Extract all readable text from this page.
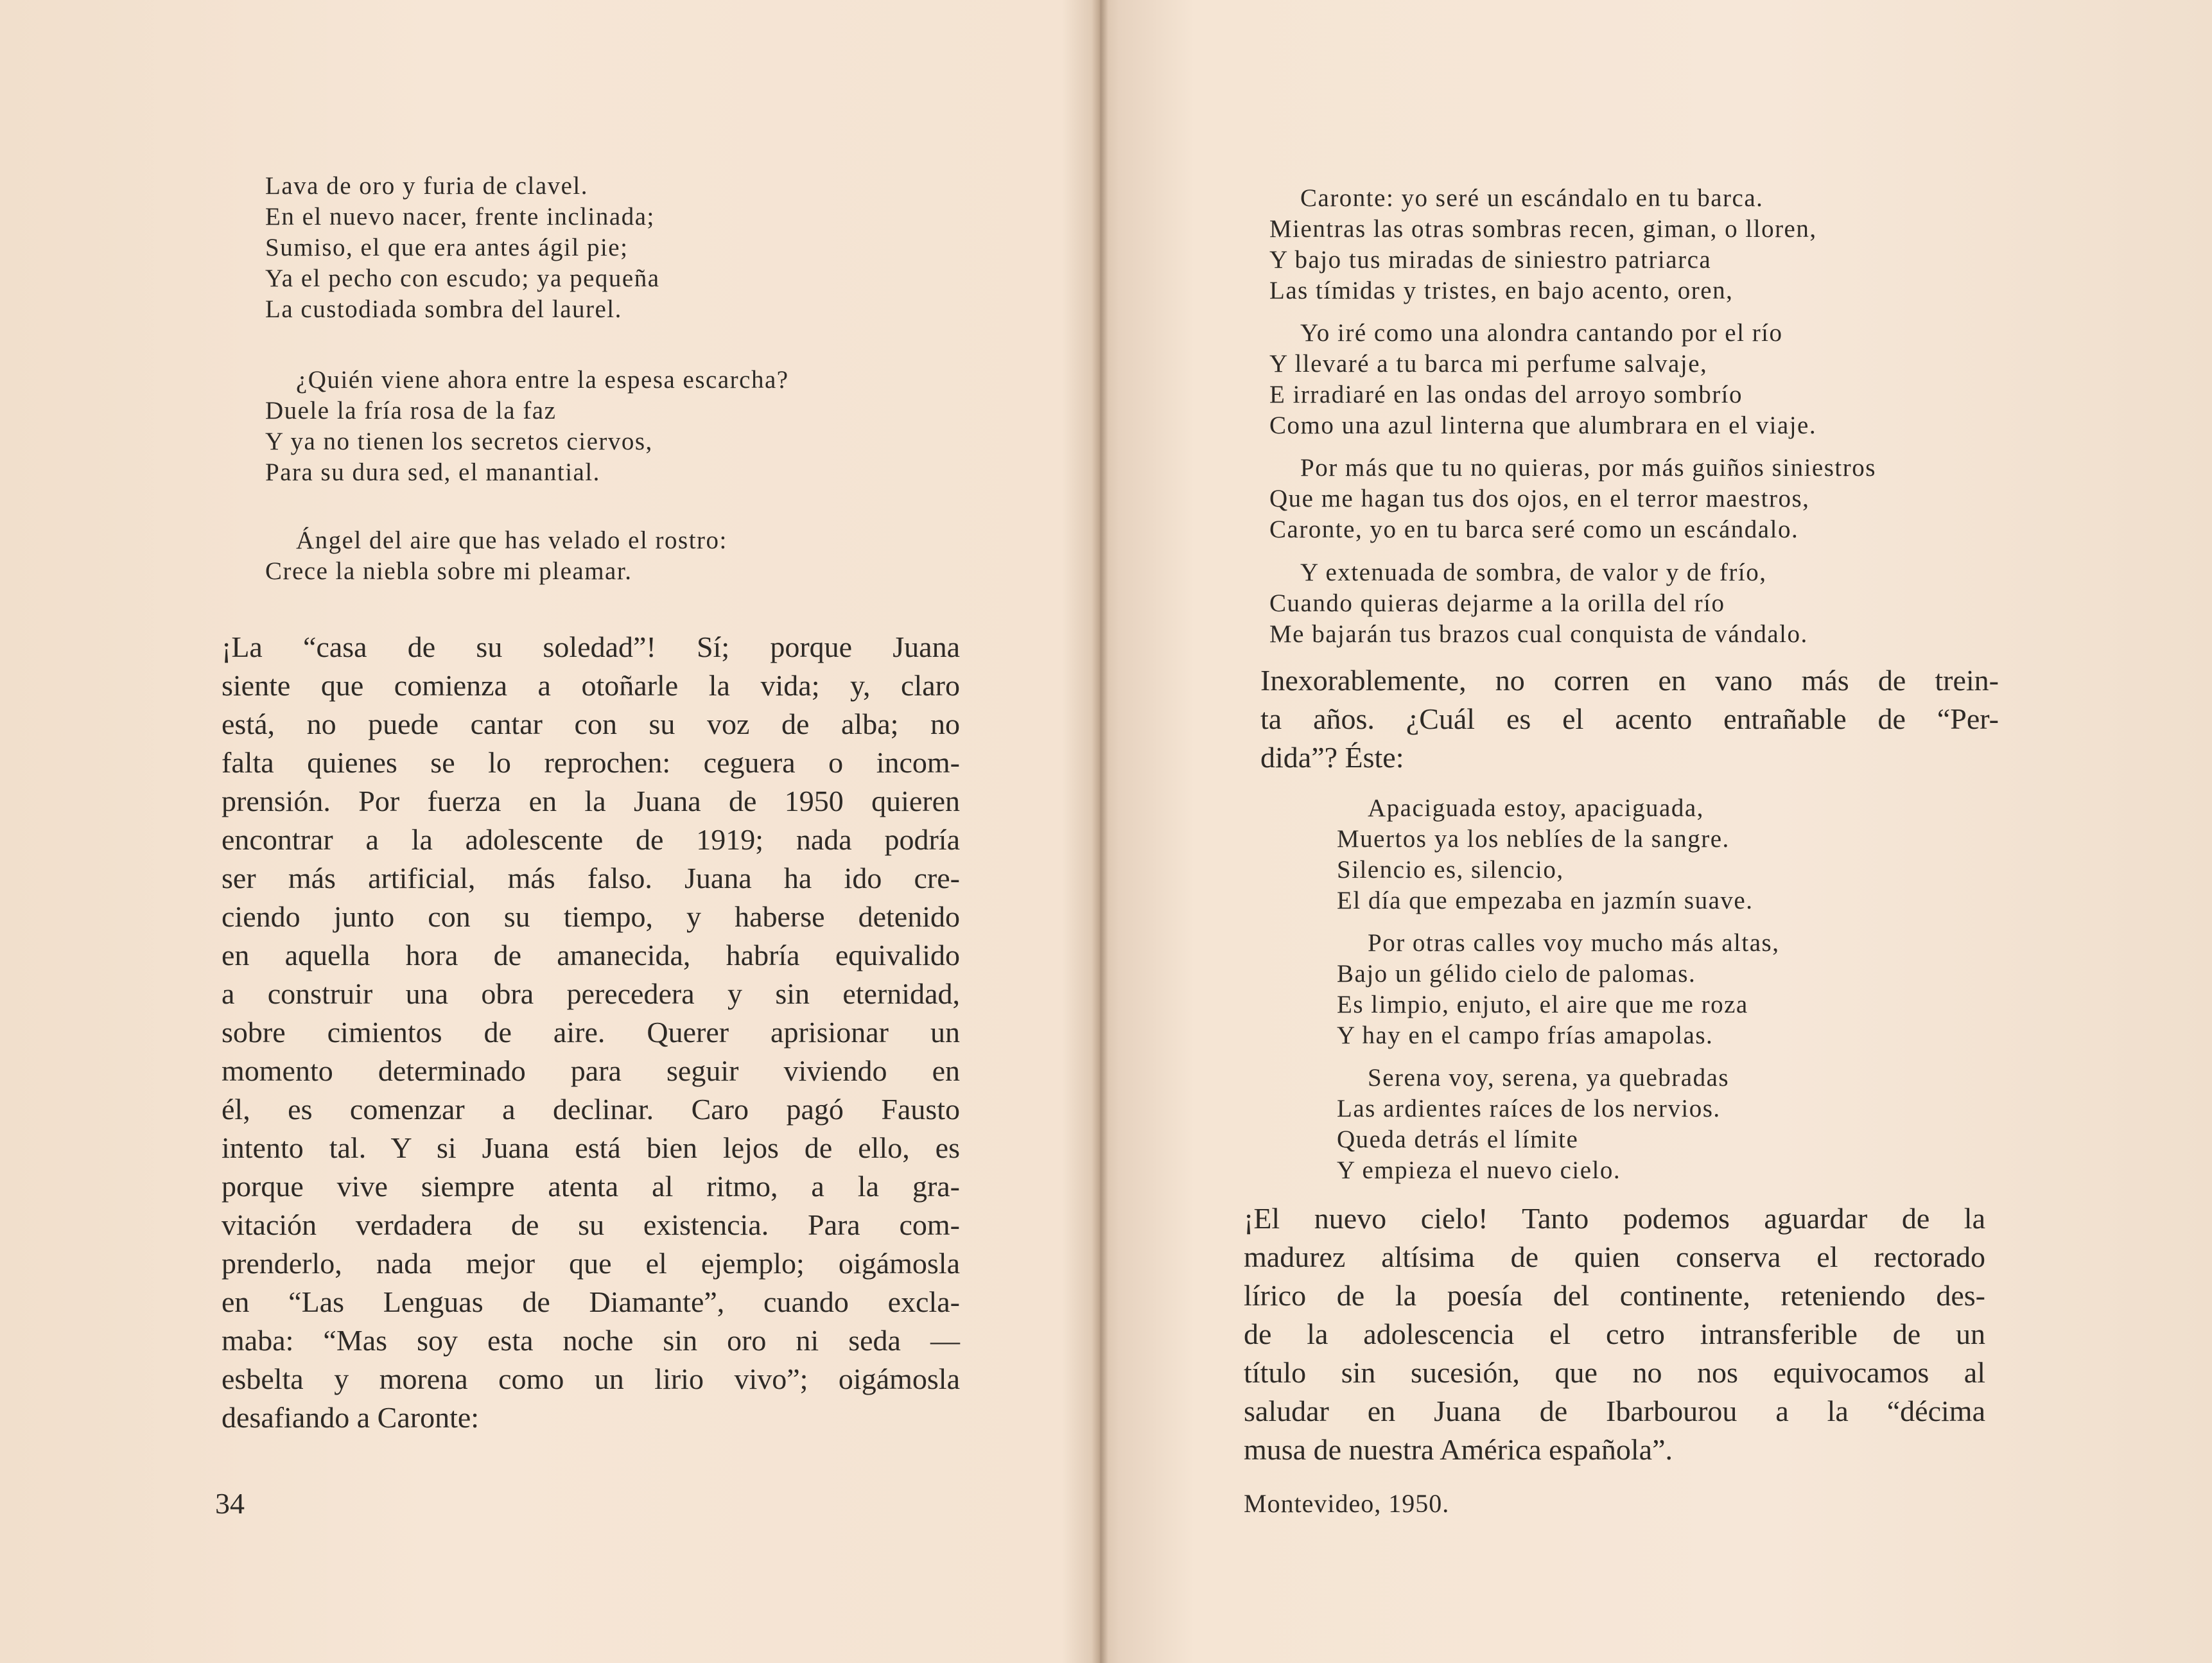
Lava de oro y furia de clavel.
En el nuevo nacer, frente inclinada;
Sumiso, el que era antes ágil pie;
Ya el pecho con escudo; ya pequeña
La custodiada sombra del laurel.
¿Quién viene ahora entre la espesa escarcha?
Duele la fría rosa de la faz
Y ya no tienen los secretos ciervos,
Para su dura sed, el manantial.
Ángel del aire que has velado el rostro:
Crece la niebla sobre mi pleamar.
¡La “casa de su soledad”! Sí; porque Juana
siente que comienza a otoñarle la vida; y, claro
está, no puede cantar con su voz de alba; no
falta quienes se lo reprochen: ceguera o incom-
prensión. Por fuerza en la Juana de 1950 quieren
encontrar a la adolescente de 1919; nada podría
ser más artificial, más falso. Juana ha ido cre-
ciendo junto con su tiempo, y haberse detenido
en aquella hora de amanecida, habría equivalido
a construir una obra perecedera y sin eternidad,
sobre cimientos de aire. Querer aprisionar un
momento determinado para seguir viviendo en
él, es comenzar a declinar. Caro pagó Fausto
intento tal. Y si Juana está bien lejos de ello, es
porque vive siempre atenta al ritmo, a la gra-
vitación verdadera de su existencia. Para com-
prenderlo, nada mejor que el ejemplo; oigámosla
en “Las Lenguas de Diamante”, cuando excla-
maba: “Mas soy esta noche sin oro ni seda —
esbelta y morena como un lirio vivo”; oigámosla
desafiando a Caronte:
34
Caronte: yo seré un escándalo en tu barca.
Mientras las otras sombras recen, giman, o lloren,
Y bajo tus miradas de siniestro patriarca
Las tímidas y tristes, en bajo acento, oren,
Yo iré como una alondra cantando por el río
Y llevaré a tu barca mi perfume salvaje,
E irradiaré en las ondas del arroyo sombrío
Como una azul linterna que alumbrara en el viaje.
Por más que tu no quieras, por más guiños siniestros
Que me hagan tus dos ojos, en el terror maestros,
Caronte, yo en tu barca seré como un escándalo.
Y extenuada de sombra, de valor y de frío,
Cuando quieras dejarme a la orilla del río
Me bajarán tus brazos cual conquista de vándalo.
Inexorablemente, no corren en vano más de trein-
ta años. ¿Cuál es el acento entrañable de “Per-
dida”? Éste:
Apaciguada estoy, apaciguada,
Muertos ya los neblíes de la sangre.
Silencio es, silencio,
El día que empezaba en jazmín suave.
Por otras calles voy mucho más altas,
Bajo un gélido cielo de palomas.
Es limpio, enjuto, el aire que me roza
Y hay en el campo frías amapolas.
Serena voy, serena, ya quebradas
Las ardientes raíces de los nervios.
Queda detrás el límite
Y empieza el nuevo cielo.
¡El nuevo cielo! Tanto podemos aguardar de la
madurez altísima de quien conserva el rectorado
lírico de la poesía del continente, reteniendo des-
de la adolescencia el cetro intransferible de un
título sin sucesión, que no nos equivocamos al
saludar en Juana de Ibarbourou a la “décima
musa de nuestra América española”.
Montevideo, 1950.
